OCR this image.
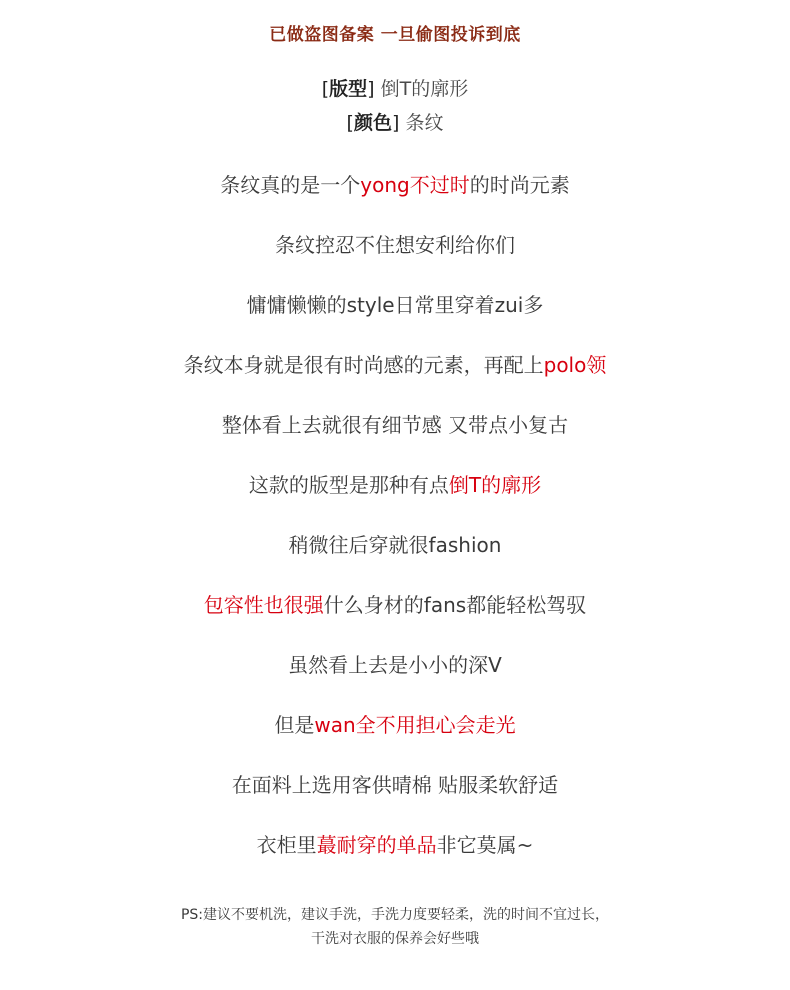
已做盗图备案 一旦偷图投诉到底
[版型] 倒T的廓形
[颜色] 条纹
条纹真的是一个yong不过时的时尚元素
条纹控忍不住想安利给你们
慵慵懒懒的style日常里穿着zui多
条纹本身就是很有时尚感的元素，再配上polo领
整体看上去就很有细节感 又带点小复古
这款的版型是那种有点倒T的廓形
稍微往后穿就很fashion
包容性也很强什么身材的fans都能轻松驾驭
虽然看上去是小小的深V
但是wan全不用担心会走光
在面料上选用客供晴棉 贴服柔软舒适
衣柜里蕞耐穿的单品非它莫属~
PS:建议不要机洗，建议手洗，手洗力度要轻柔，洗的时间不宜过长，
干洗对衣服的保养会好些哦
